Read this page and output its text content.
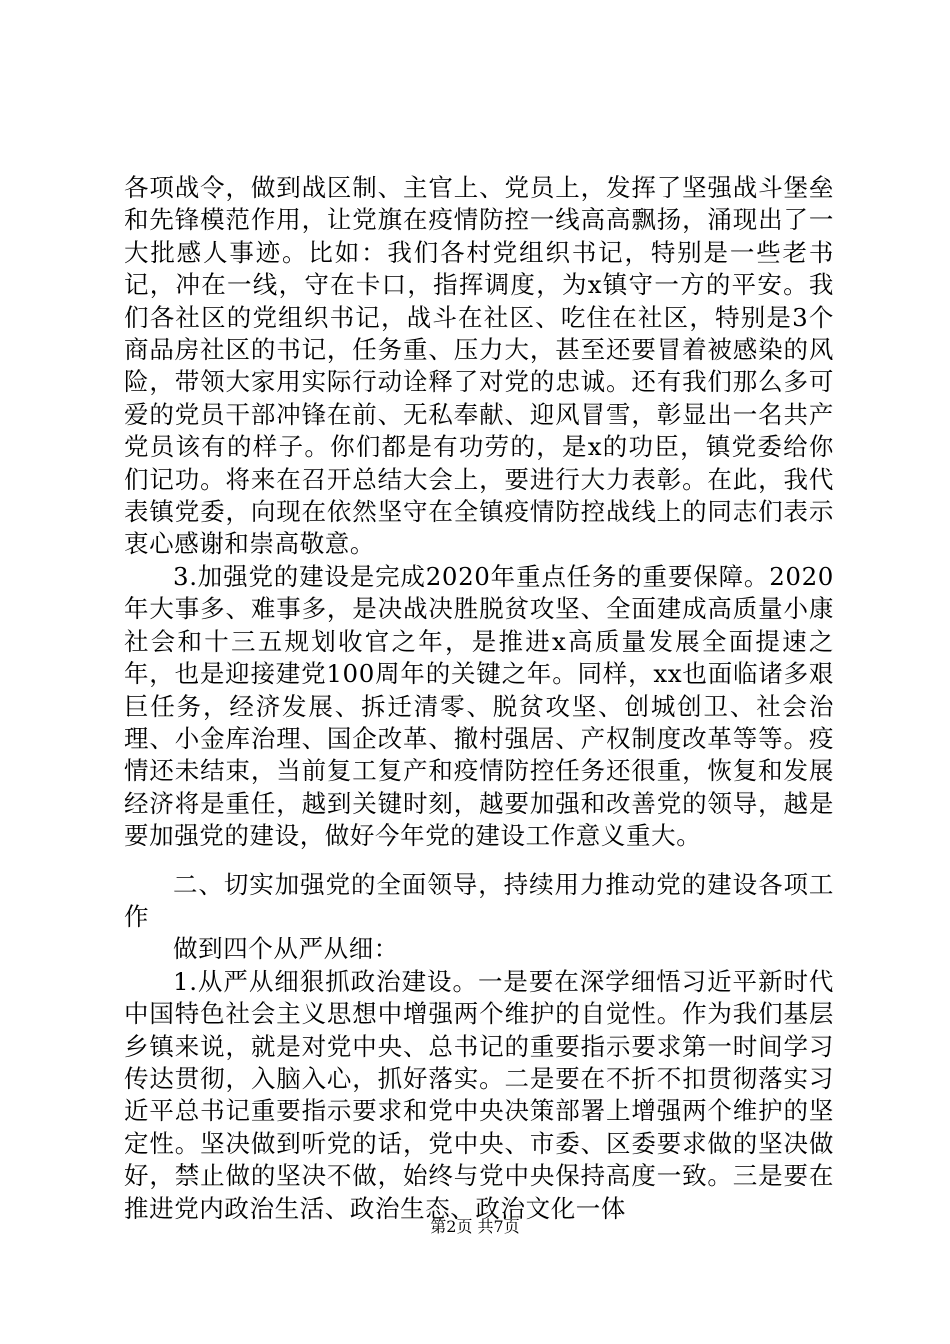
各项战令，做到战区制、主官上、党员上，发挥了坚强战斗堡垒和先锋模范作用，让党旗在疫情防控一线高高飘扬，涌现出了一大批感人事迹。比如：我们各村党组织书记，特别是一些老书记，冲在一线，守在卡口，指挥调度，为x镇守一方的平安。我们各社区的党组织书记，战斗在社区、吃住在社区，特别是3个商品房社区的书记，任务重、压力大，甚至还要冒着被感染的风险，带领大家用实际行动诠释了对党的忠诚。还有我们那么多可爱的党员干部冲锋在前、无私奉献、迎风冒雪，彰显出一名共产党员该有的样子。你们都是有功劳的，是x的功臣，镇党委给你们记功。将来在召开总结大会上，要进行大力表彰。在此，我代表镇党委，向现在依然坚守在全镇疫情防控战线上的同志们表示衷心感谢和崇高敬意。

3.加强党的建设是完成2020年重点任务的重要保障。2020年大事多、难事多，是决战决胜脱贫攻坚、全面建成高质量小康社会和十三五规划收官之年，是推进x高质量发展全面提速之年，也是迎接建党100周年的关键之年。同样，xx也面临诸多艰巨任务，经济发展、拆迁清零、脱贫攻坚、创城创卫、社会治理、小金库治理、国企改革、撤村强居、产权制度改革等等。疫情还未结束，当前复工复产和疫情防控任务还很重，恢复和发展经济将是重任，越到关键时刻，越要加强和改善党的领导，越是要加强党的建设，做好今年党的建设工作意义重大。

二、切实加强党的全面领导，持续用力推动党的建设各项工作

做到四个从严从细：

1.从严从细狠抓政治建设。一是要在深学细悟习近平新时代中国特色社会主义思想中增强两个维护的自觉性。作为我们基层乡镇来说，就是对党中央、总书记的重要指示要求第一时间学习传达贯彻，入脑入心，抓好落实。二是要在不折不扣贯彻落实习近平总书记重要指示要求和党中央决策部署上增强两个维护的坚定性。坚决做到听党的话，党中央、市委、区委要求做的坚决做好，禁止做的坚决不做，始终与党中央保持高度一致。三是要在推进党内政治生活、政治生态、政治文化一体

第2页 共7页
